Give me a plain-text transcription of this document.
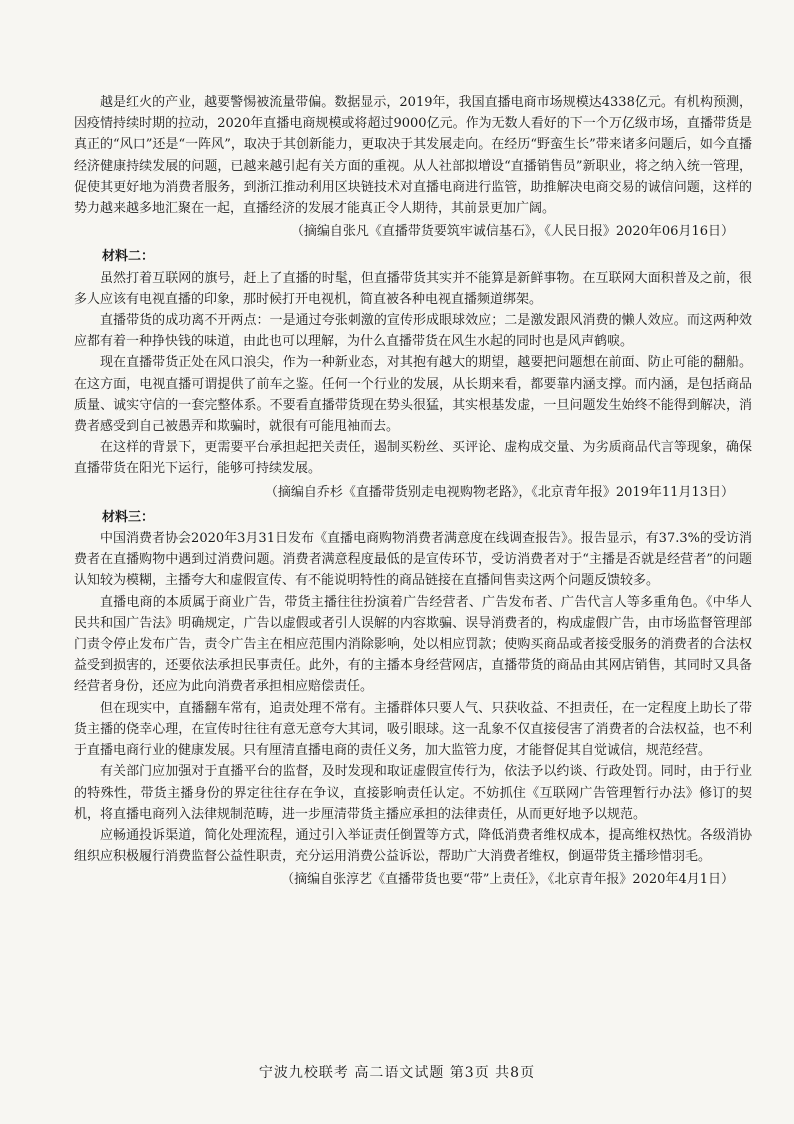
越是红火的产业，越要警惕被流量带偏。数据显示，2019年，我国直播电商市场规模达4338亿元。有机构预测，因疫情持续时期的拉动，2020年直播电商规模或将超过9000亿元。作为无数人看好的下一个万亿级市场，直播带货是真正的“风口”还是“一阵风”，取决于其创新能力，更取决于其发展走向。在经历“野蛮生长”带来诸多问题后，如今直播经济健康持续发展的问题，已越来越引起有关方面的重视。从人社部拟增设“直播销售员”新职业，将之纳入统一管理，促使其更好地为消费者服务，到浙江推动利用区块链技术对直播电商进行监管，助推解决电商交易的诚信问题，这样的势力越来越多地汇聚在一起，直播经济的发展才能真正令人期待，其前景更加广阔。

（摘编自张凡《直播带货要筑牢诚信基石》，《人民日报》2020年06月16日）

材料二：

虽然打着互联网的旗号，赶上了直播的时髦，但直播带货其实并不能算是新鲜事物。在互联网大面积普及之前，很多人应该有电视直播的印象，那时候打开电视机，简直被各种电视直播频道绑架。

直播带货的成功离不开两点：一是通过夸张刺激的宣传形成眼球效应；二是激发跟风消费的懒人效应。而这两种效应都有着一种挣快钱的味道，由此也可以理解，为什么直播带货在风生水起的同时也是风声鹤唳。

现在直播带货正处在风口浪尖，作为一种新业态，对其抱有越大的期望，越要把问题想在前面、防止可能的翻船。在这方面，电视直播可谓提供了前车之鉴。任何一个行业的发展，从长期来看，都要靠内涵支撑。而内涵，是包括商品质量、诚实守信的一套完整体系。不要看直播带货现在势头很猛，其实根基发虚，一旦问题发生始终不能得到解决，消费者感受到自己被愚弄和欺骗时，就很有可能甩袖而去。

在这样的背景下，更需要平台承担起把关责任，遏制买粉丝、买评论、虚构成交量、为劣质商品代言等现象，确保直播带货在阳光下运行，能够可持续发展。

（摘编自乔杉《直播带货别走电视购物老路》，《北京青年报》2019年11月13日）

材料三：

中国消费者协会2020年3月31日发布《直播电商购物消费者满意度在线调查报告》。报告显示，有37.3%的受访消费者在直播购物中遇到过消费问题。消费者满意程度最低的是宣传环节，受访消费者对于“主播是否就是经营者”的问题认知较为模糊，主播夸大和虚假宣传、有不能说明特性的商品链接在直播间售卖这两个问题反馈较多。

直播电商的本质属于商业广告，带货主播往往扮演着广告经营者、广告发布者、广告代言人等多重角色。《中华人民共和国广告法》明确规定，广告以虚假或者引人误解的内容欺骗、误导消费者的，构成虚假广告，由市场监督管理部门责令停止发布广告，责令广告主在相应范围内消除影响，处以相应罚款；使购买商品或者接受服务的消费者的合法权益受到损害的，还要依法承担民事责任。此外，有的主播本身经营网店，直播带货的商品由其网店销售，其同时又具备经营者身份，还应为此向消费者承担相应赔偿责任。

但在现实中，直播翻车常有，追责处理不常有。主播群体只要人气、只获收益、不担责任，在一定程度上助长了带货主播的侥幸心理，在宣传时往往有意无意夸大其词，吸引眼球。这一乱象不仅直接侵害了消费者的合法权益，也不利于直播电商行业的健康发展。只有厘清直播电商的责任义务，加大监管力度，才能督促其自觉诚信，规范经营。

有关部门应加强对于直播平台的监督，及时发现和取证虚假宣传行为，依法予以约谈、行政处罚。同时，由于行业的特殊性，带货主播身份的界定往往存在争议，直接影响责任认定。不妨抓住《互联网广告管理暂行办法》修订的契机，将直播电商列入法律规制范畴，进一步厘清带货主播应承担的法律责任，从而更好地予以规范。

应畅通投诉渠道，简化处理流程，通过引入举证责任倒置等方式，降低消费者维权成本，提高维权热忱。各级消协组织应积极履行消费监督公益性职责，充分运用消费公益诉讼，帮助广大消费者维权，倒逼带货主播珍惜羽毛。

（摘编自张淳艺《直播带货也要“带”上责任》，《北京青年报》2020年4月1日）

宁波九校联考 高二语文试题 第3页 共8页
